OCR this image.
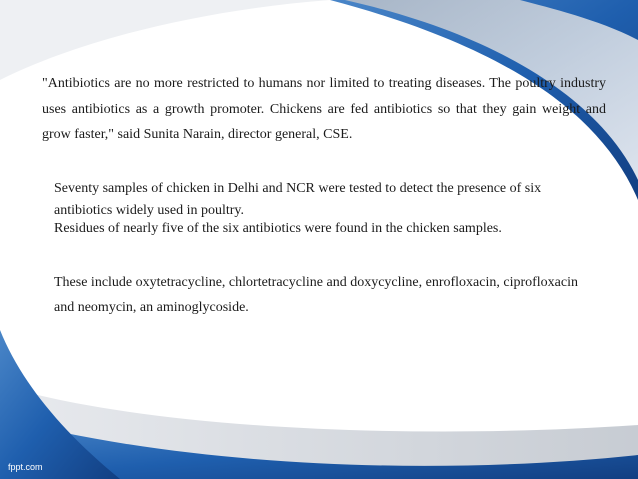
"Antibiotics are no more restricted to humans nor limited to treating diseases. The poultry industry uses antibiotics as a growth promoter. Chickens are fed antibiotics so that they gain weight and grow faster," said Sunita Narain, director general, CSE.

Seventy samples of chicken in Delhi and NCR were tested to detect the presence of six antibiotics widely used in poultry.

Residues of nearly five of the six antibiotics were found in the chicken samples.

These include oxytetracycline, chlortetracycline and doxycycline, enrofloxacin, ciprofloxacin and neomycin, an aminoglycoside.

fppt.com
